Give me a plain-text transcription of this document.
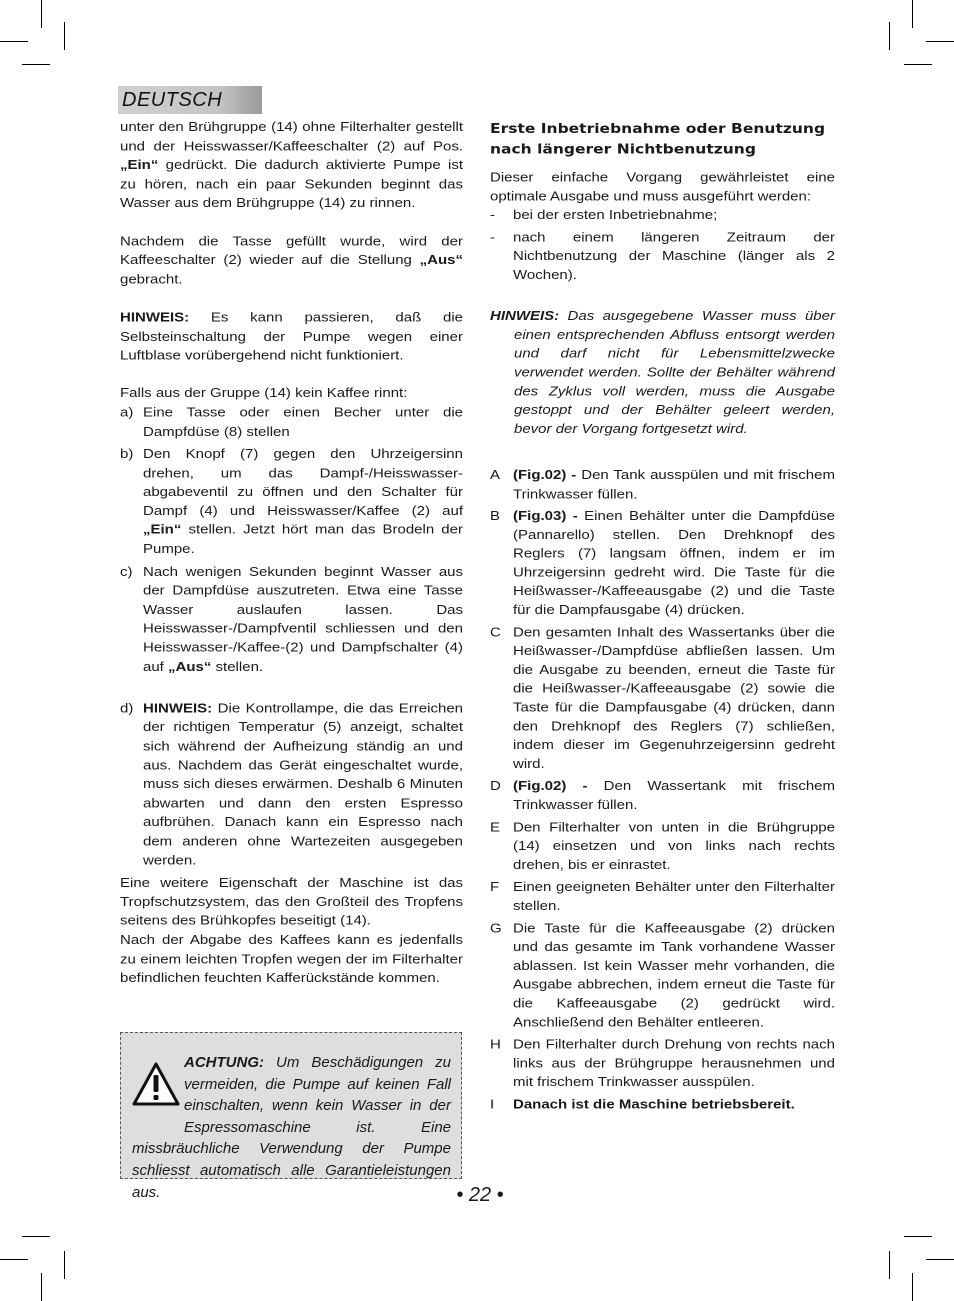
DEUTSCH

unter den Brühgruppe (14) ohne Filterhalter gestellt und der Heisswasser/Kaffeeschalter (2) auf Pos. „Ein“ gedrückt. Die dadurch aktivierte Pumpe ist zu hören, nach ein paar Sekunden beginnt das Wasser aus dem Brühgruppe (14) zu rinnen.

Nachdem die Tasse gefüllt wurde, wird der Kaffeeschalter (2) wieder auf die Stellung „Aus“ gebracht.

HINWEIS: Es kann passieren, daß die Selbsteinschaltung der Pumpe wegen einer Luftblase vorübergehend nicht funktioniert.

Falls aus der Gruppe (14) kein Kaffee rinnt:

a) Eine Tasse oder einen Becher unter die Dampfdüse (8) stellen
b) Den Knopf (7) gegen den Uhrzeigersinn drehen, um das Dampf-/Heisswasser-abgabeventil zu öffnen und den Schalter für Dampf (4) und Heisswasser/Kaffee (2) auf „Ein“ stellen. Jetzt hört man das Brodeln der Pumpe.
c) Nach wenigen Sekunden beginnt Wasser aus der Dampfdüse auszutreten. Etwa eine Tasse Wasser auslaufen lassen. Das Heisswasser-/Dampfventil schliessen und den Heisswasser-/Kaffee-(2) und Dampfschalter (4) auf „Aus“ stellen.
d) HINWEIS: Die Kontrollampe, die das Erreichen der richtigen Temperatur (5) anzeigt, schaltet sich während der Aufheizung ständig an und aus. Nachdem das Gerät eingeschaltet wurde, muss sich dieses erwärmen. Deshalb 6 Minuten abwarten und dann den ersten Espresso aufbrühen. Danach kann ein Espresso nach dem anderen ohne Wartezeiten ausgegeben werden.

Eine weitere Eigenschaft der Maschine ist das Tropfschutzsystem, das den Großteil des Tropfens seitens des Brühkopfes beseitigt (14).

Nach der Abgabe des Kaffees kann es jedenfalls zu einem leichten Tropfen wegen der im Filterhalter befindlichen feuchten Kafferückstände kommen.

ACHTUNG: Um Beschädigungen zu vermeiden, die Pumpe auf keinen Fall einschalten, wenn kein Wasser in der Espressomaschine ist. Eine missbräuchliche Verwendung der Pumpe schliesst automatisch alle Garantieleistungen aus.

Erste Inbetriebnahme oder Benutzung nach längerer Nichtbenutzung

Dieser einfache Vorgang gewährleistet eine optimale Ausgabe und muss ausgeführt werden:

-	bei der ersten Inbetriebnahme;
-	nach einem längeren Zeitraum der Nichtbenutzung der Maschine (länger als 2 Wochen).

HINWEIS: Das ausgegebene Wasser muss über einen entsprechenden Abfluss entsorgt werden und darf nicht für Lebensmittelzwecke verwendet werden. Sollte der Behälter während des Zyklus voll werden, muss die Ausgabe gestoppt und der Behälter geleert werden, bevor der Vorgang fortgesetzt wird.

A (Fig.02) - Den Tank ausspülen und mit frischem Trinkwasser füllen.
B (Fig.03) - Einen Behälter unter die Dampfdüse (Pannarello) stellen. Den Drehknopf des Reglers (7) langsam öffnen, indem er im Uhrzeigersinn gedreht wird. Die Taste für die Heißwasser-/Kaffeeausgabe (2) und die Taste für die Dampfausgabe (4) drücken.
C Den gesamten Inhalt des Wassertanks über die Heißwasser-/Dampfdüse abfließen lassen. Um die Ausgabe zu beenden, erneut die Taste für die Heißwasser-/Kaffeeausgabe (2) sowie die Taste für die Dampfausgabe (4) drücken, dann den Drehknopf des Reglers (7) schließen, indem dieser im Gegenuhrzeigersinn gedreht wird.
D (Fig.02) - Den Wassertank mit frischem Trinkwasser füllen.
E Den Filterhalter von unten in die Brühgruppe (14) einsetzen und von links nach rechts drehen, bis er einrastet.
F Einen geeigneten Behälter unter den Filterhalter stellen.
G Die Taste für die Kaffeeausgabe (2) drücken und das gesamte im Tank vorhandene Wasser ablassen. Ist kein Wasser mehr vorhanden, die Ausgabe abbrechen, indem erneut die Taste für die Kaffeeausgabe (2) gedrückt wird. Anschließend den Behälter entleeren.
H Den Filterhalter durch Drehung von rechts nach links aus der Brühgruppe herausnehmen und mit frischem Trinkwasser ausspülen.
I	Danach ist die Maschine betriebsbereit.
• 22 •
